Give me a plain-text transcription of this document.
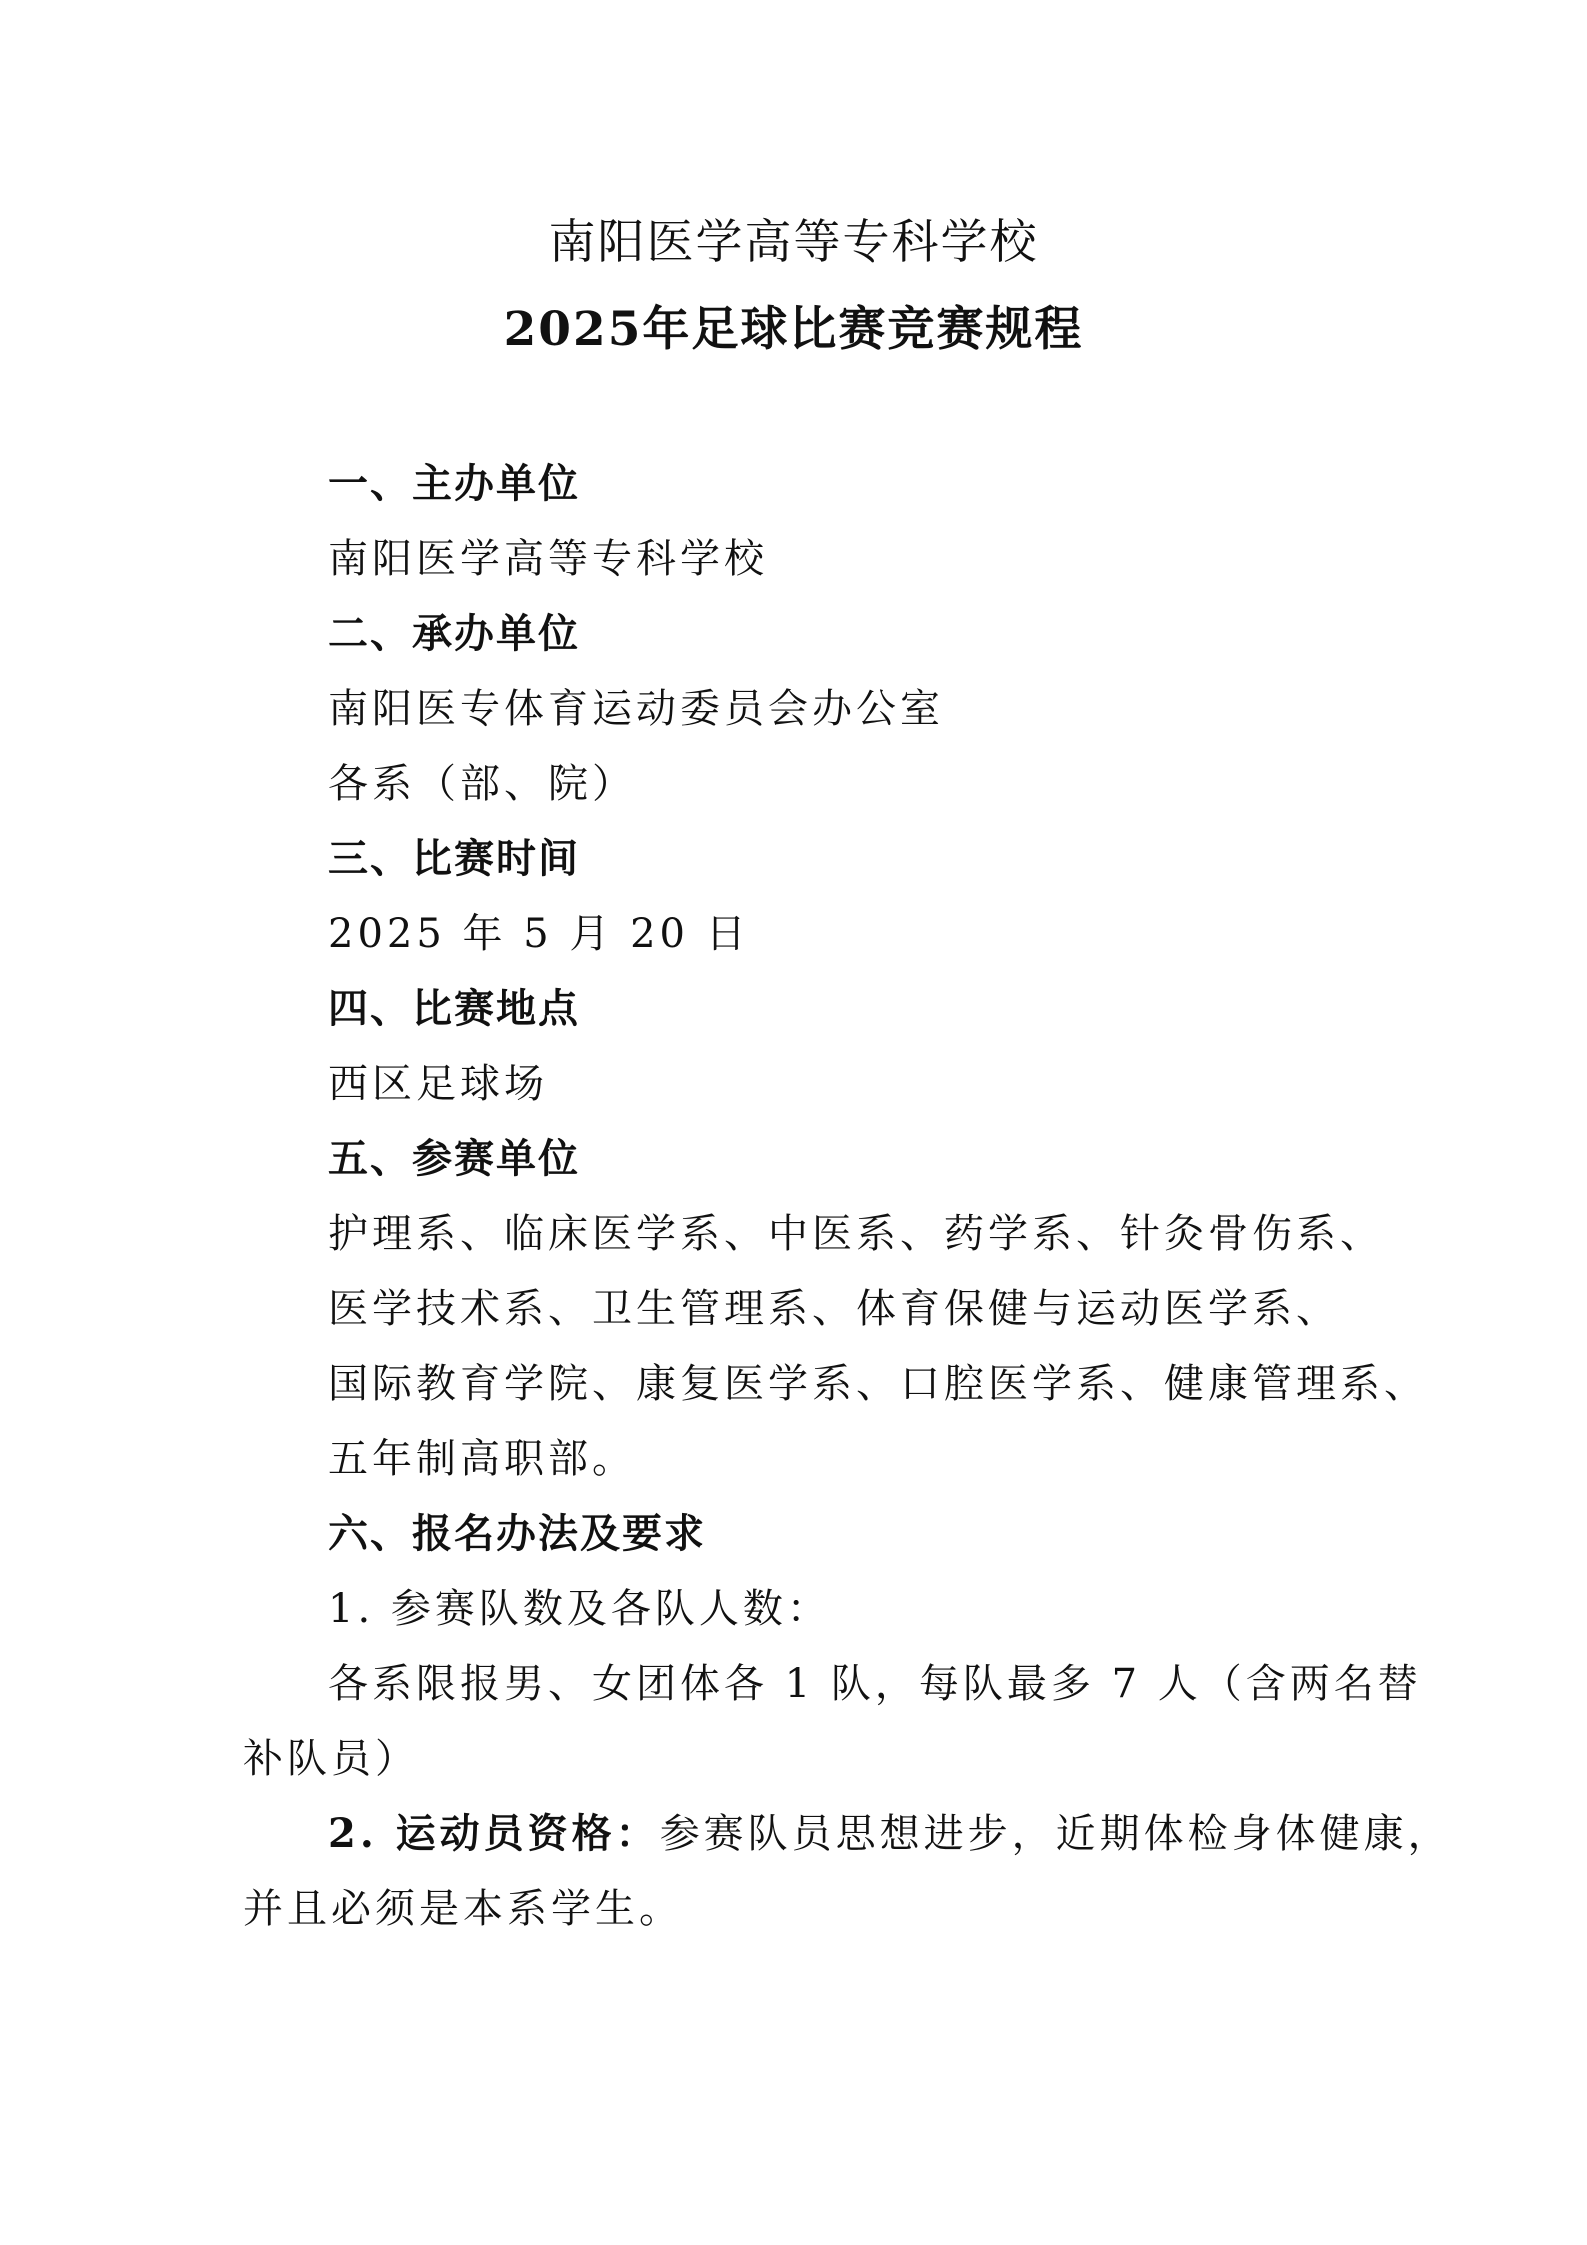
南阳医学高等专科学校
2025年足球比赛竞赛规程
一、主办单位
南阳医学高等专科学校
二、承办单位
南阳医专体育运动委员会办公室
各系（部、院）
三、比赛时间
2025 年 5 月 20 日
四、比赛地点
西区足球场
五、参赛单位
护理系、临床医学系、中医系、药学系、针灸骨伤系、
医学技术系、卫生管理系、体育保健与运动医学系、
国际教育学院、康复医学系、口腔医学系、健康管理系、
五年制高职部。
六、报名办法及要求
1. 参赛队数及各队人数：
各系限报男、女团体各 1 队，每队最多 7 人（含两名替
补队员）
2. 运动员资格：参赛队员思想进步，近期体检身体健康，
并且必须是本系学生。
